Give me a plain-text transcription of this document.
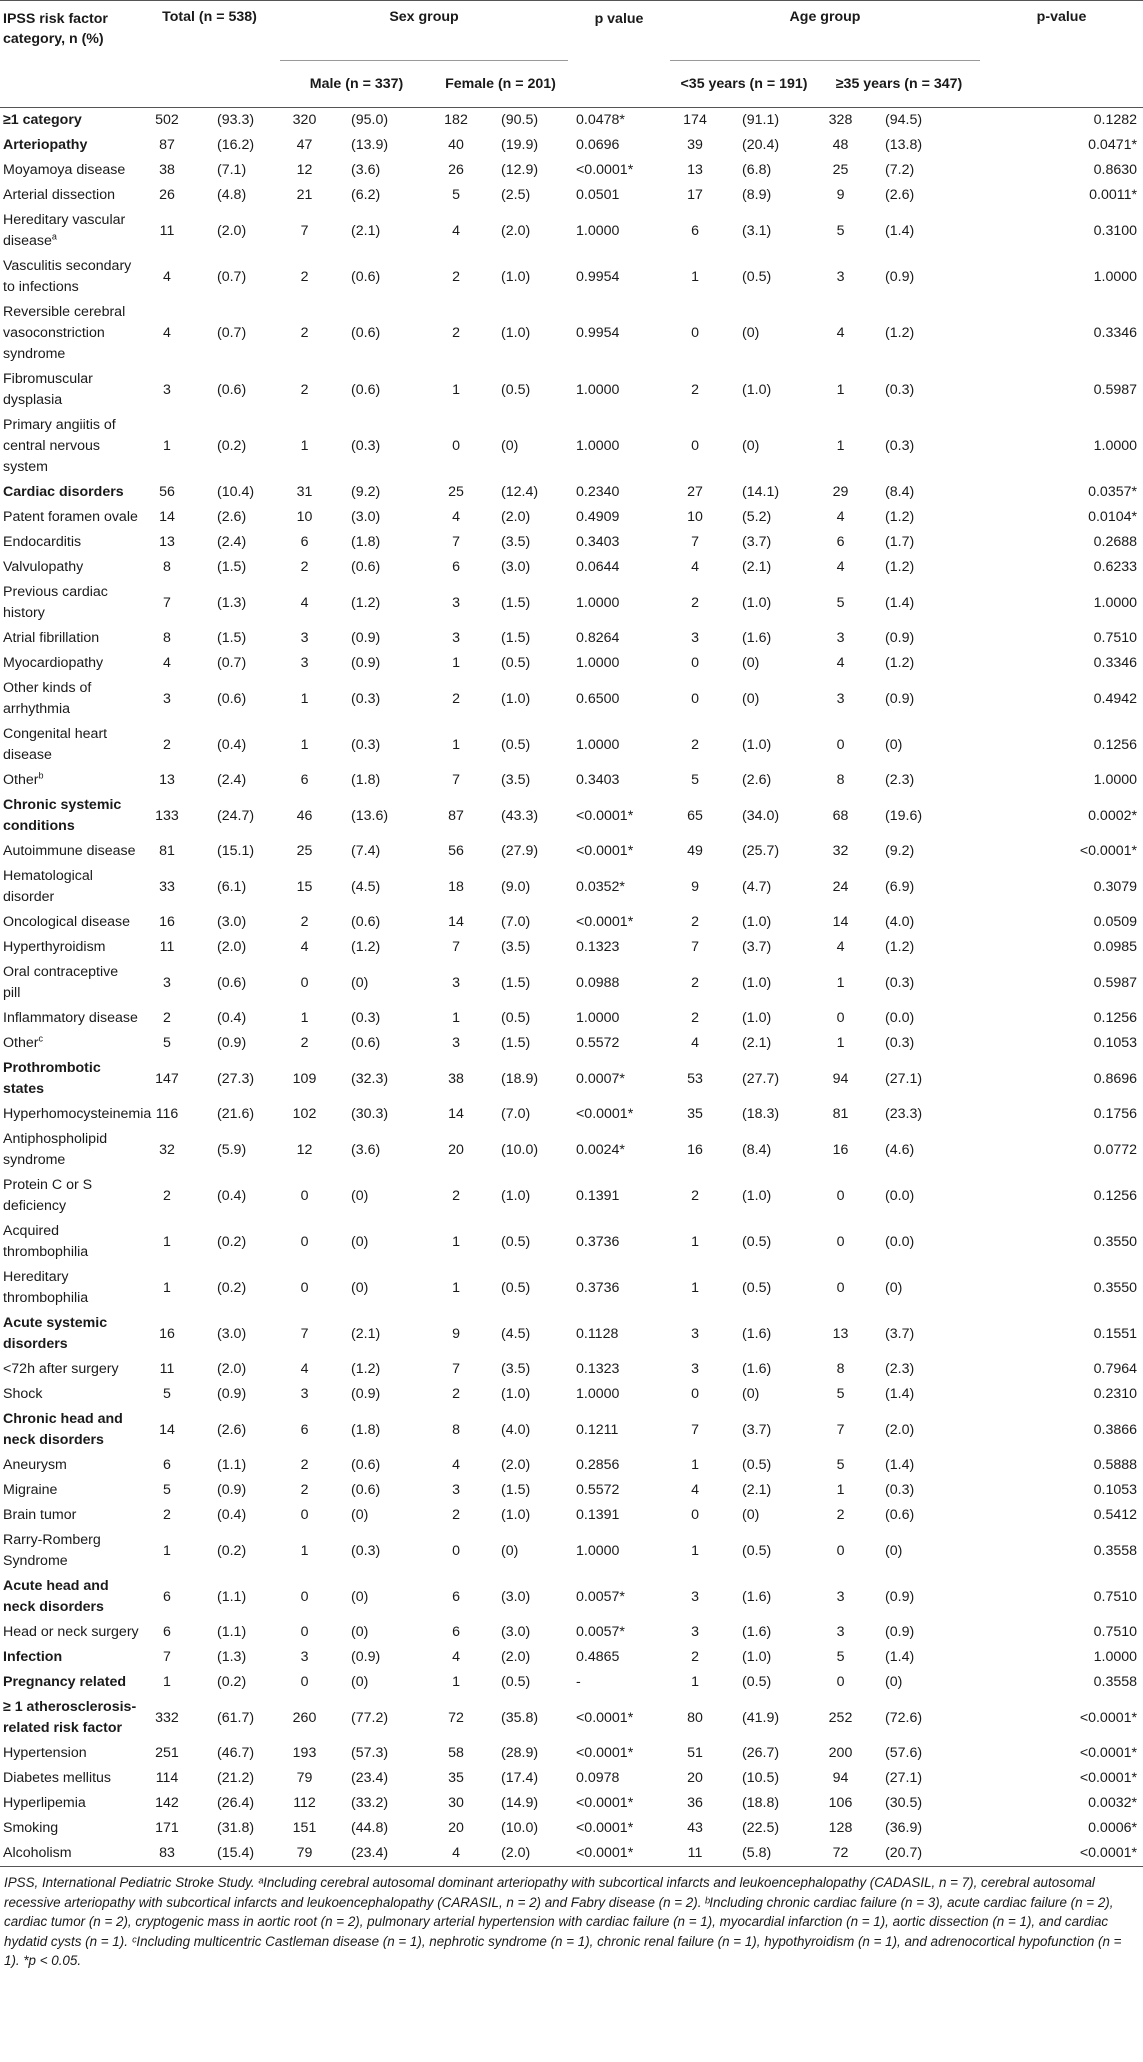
IPSS risk factor category, n (%)	Total (n = 538)		Sex group				p value	Age group				p-value
			Male (n = 337)		Female (n = 201)			<35 years (n = 191)		≥35 years (n = 347)		
≥1 category	502	(93.3)	320	(95.0)	182	(90.5)	0.0478*	174	(91.1)	328	(94.5)	0.1282
Arteriopathy	87	(16.2)	47	(13.9)	40	(19.9)	0.0696	39	(20.4)	48	(13.8)	0.0471*
Moyamoya disease	38	(7.1)	12	(3.6)	26	(12.9)	<0.0001*	13	(6.8)	25	(7.2)	0.8630
Arterial dissection	26	(4.8)	21	(6.2)	5	(2.5)	0.0501	17	(8.9)	9	(2.6)	0.0011*
Hereditary vascular disease$^a$	11	(2.0)	7	(2.1)	4	(2.0)	1.0000	6	(3.1)	5	(1.4)	0.3100
Vasculitis secondary to infections	4	(0.7)	2	(0.6)	2	(1.0)	0.9954	1	(0.5)	3	(0.9)	1.0000
Reversible cerebral vasoconstriction syndrome	4	(0.7)	2	(0.6)	2	(1.0)	0.9954	0	(0)	4	(1.2)	0.3346
Fibromuscular dysplasia	3	(0.6)	2	(0.6)	1	(0.5)	1.0000	2	(1.0)	1	(0.3)	0.5987
Primary angiitis of central nervous system	1	(0.2)	1	(0.3)	0	(0)	1.0000	0	(0)	1	(0.3)	1.0000
Cardiac disorders	56	(10.4)	31	(9.2)	25	(12.4)	0.2340	27	(14.1)	29	(8.4)	0.0357*
Patent foramen ovale	14	(2.6)	10	(3.0)	4	(2.0)	0.4909	10	(5.2)	4	(1.2)	0.0104*
Endocarditis	13	(2.4)	6	(1.8)	7	(3.5)	0.3403	7	(3.7)	6	(1.7)	0.2688
Valvulopathy	8	(1.5)	2	(0.6)	6	(3.0)	0.0644	4	(2.1)	4	(1.2)	0.6233
Previous cardiac history	7	(1.3)	4	(1.2)	3	(1.5)	1.0000	2	(1.0)	5	(1.4)	1.0000
Atrial fibrillation	8	(1.5)	3	(0.9)	3	(1.5)	0.8264	3	(1.6)	3	(0.9)	0.7510
Myocardiopathy	4	(0.7)	3	(0.9)	1	(0.5)	1.0000	0	(0)	4	(1.2)	0.3346
Other kinds of arrhythmia	3	(0.6)	1	(0.3)	2	(1.0)	0.6500	0	(0)	3	(0.9)	0.4942
Congenital heart disease	2	(0.4)	1	(0.3)	1	(0.5)	1.0000	2	(1.0)	0	(0)	0.1256
Other$^b$	13	(2.4)	6	(1.8)	7	(3.5)	0.3403	5	(2.6)	8	(2.3)	1.0000
Chronic systemic conditions	133	(24.7)	46	(13.6)	87	(43.3)	<0.0001*	65	(34.0)	68	(19.6)	0.0002*
Autoimmune disease	81	(15.1)	25	(7.4)	56	(27.9)	<0.0001*	49	(25.7)	32	(9.2)	<0.0001*
Hematological disorder	33	(6.1)	15	(4.5)	18	(9.0)	0.0352*	9	(4.7)	24	(6.9)	0.3079
Oncological disease	16	(3.0)	2	(0.6)	14	(7.0)	<0.0001*	2	(1.0)	14	(4.0)	0.0509
Hyperthyroidism	11	(2.0)	4	(1.2)	7	(3.5)	0.1323	7	(3.7)	4	(1.2)	0.0985
Oral contraceptive pill	3	(0.6)	0	(0)	3	(1.5)	0.0988	2	(1.0)	1	(0.3)	0.5987
Inflammatory disease	2	(0.4)	1	(0.3)	1	(0.5)	1.0000	2	(1.0)	0	(0.0)	0.1256
Other$^c$	5	(0.9)	2	(0.6)	3	(1.5)	0.5572	4	(2.1)	1	(0.3)	0.1053
Prothrombotic states	147	(27.3)	109	(32.3)	38	(18.9)	0.0007*	53	(27.7)	94	(27.1)	0.8696
Hyperhomocysteinemia	116	(21.6)	102	(30.3)	14	(7.0)	<0.0001*	35	(18.3)	81	(23.3)	0.1756
Antiphospholipid syndrome	32	(5.9)	12	(3.6)	20	(10.0)	0.0024*	16	(8.4)	16	(4.6)	0.0772
Protein C or S deficiency	2	(0.4)	0	(0)	2	(1.0)	0.1391	2	(1.0)	0	(0.0)	0.1256
Acquired thrombophilia	1	(0.2)	0	(0)	1	(0.5)	0.3736	1	(0.5)	0	(0.0)	0.3550
Hereditary thrombophilia	1	(0.2)	0	(0)	1	(0.5)	0.3736	1	(0.5)	0	(0)	0.3550
Acute systemic disorders	16	(3.0)	7	(2.1)	9	(4.5)	0.1128	3	(1.6)	13	(3.7)	0.1551
<72h after surgery	11	(2.0)	4	(1.2)	7	(3.5)	0.1323	3	(1.6)	8	(2.3)	0.7964
Shock	5	(0.9)	3	(0.9)	2	(1.0)	1.0000	0	(0)	5	(1.4)	0.2310
Chronic head and neck disorders	14	(2.6)	6	(1.8)	8	(4.0)	0.1211	7	(3.7)	7	(2.0)	0.3866
Aneurysm	6	(1.1)	2	(0.6)	4	(2.0)	0.2856	1	(0.5)	5	(1.4)	0.5888
Migraine	5	(0.9)	2	(0.6)	3	(1.5)	0.5572	4	(2.1)	1	(0.3)	0.1053
Brain tumor	2	(0.4)	0	(0)	2	(1.0)	0.1391	0	(0)	2	(0.6)	0.5412
Rarry-Romberg Syndrome	1	(0.2)	1	(0.3)	0	(0)	1.0000	1	(0.5)	0	(0)	0.3558
Acute head and neck disorders	6	(1.1)	0	(0)	6	(3.0)	0.0057*	3	(1.6)	3	(0.9)	0.7510
Head or neck surgery	6	(1.1)	0	(0)	6	(3.0)	0.0057*	3	(1.6)	3	(0.9)	0.7510
Infection	7	(1.3)	3	(0.9)	4	(2.0)	0.4865	2	(1.0)	5	(1.4)	1.0000
Pregnancy related	1	(0.2)	0	(0)	1	(0.5)	-	1	(0.5)	0	(0)	0.3558
≥ 1 atherosclerosis-related risk factor	332	(61.7)	260	(77.2)	72	(35.8)	<0.0001*	80	(41.9)	252	(72.6)	<0.0001*
Hypertension	251	(46.7)	193	(57.3)	58	(28.9)	<0.0001*	51	(26.7)	200	(57.6)	<0.0001*
Diabetes mellitus	114	(21.2)	79	(23.4)	35	(17.4)	0.0978	20	(10.5)	94	(27.1)	<0.0001*
Hyperlipemia	142	(26.4)	112	(33.2)	30	(14.9)	<0.0001*	36	(18.8)	106	(30.5)	0.0032*
Smoking	171	(31.8)	151	(44.8)	20	(10.0)	<0.0001*	43	(22.5)	128	(36.9)	0.0006*
Alcoholism	83	(15.4)	79	(23.4)	4	(2.0)	<0.0001*	11	(5.8)	72	(20.7)	<0.0001*
IPSS, International Pediatric Stroke Study. ᵃIncluding cerebral autosomal dominant arteriopathy with subcortical infarcts and leukoencephalopathy (CADASIL, n = 7), cerebral autosomal recessive arteriopathy with subcortical infarcts and leukoencephalopathy (CARASIL, n = 2) and Fabry disease (n = 2). ᵇIncluding chronic cardiac failure (n = 3), acute cardiac failure (n = 2), cardiac tumor (n = 2), cryptogenic mass in aortic root (n = 2), pulmonary arterial hypertension with cardiac failure (n = 1), myocardial infarction (n = 1), aortic dissection (n = 1), and cardiac hydatid cysts (n = 1). ᶜIncluding multicentric Castleman disease (n = 1), nephrotic syndrome (n = 1), chronic renal failure (n = 1), hypothyroidism (n = 1), and adrenocortical hypofunction (n = 1). *p < 0.05.
